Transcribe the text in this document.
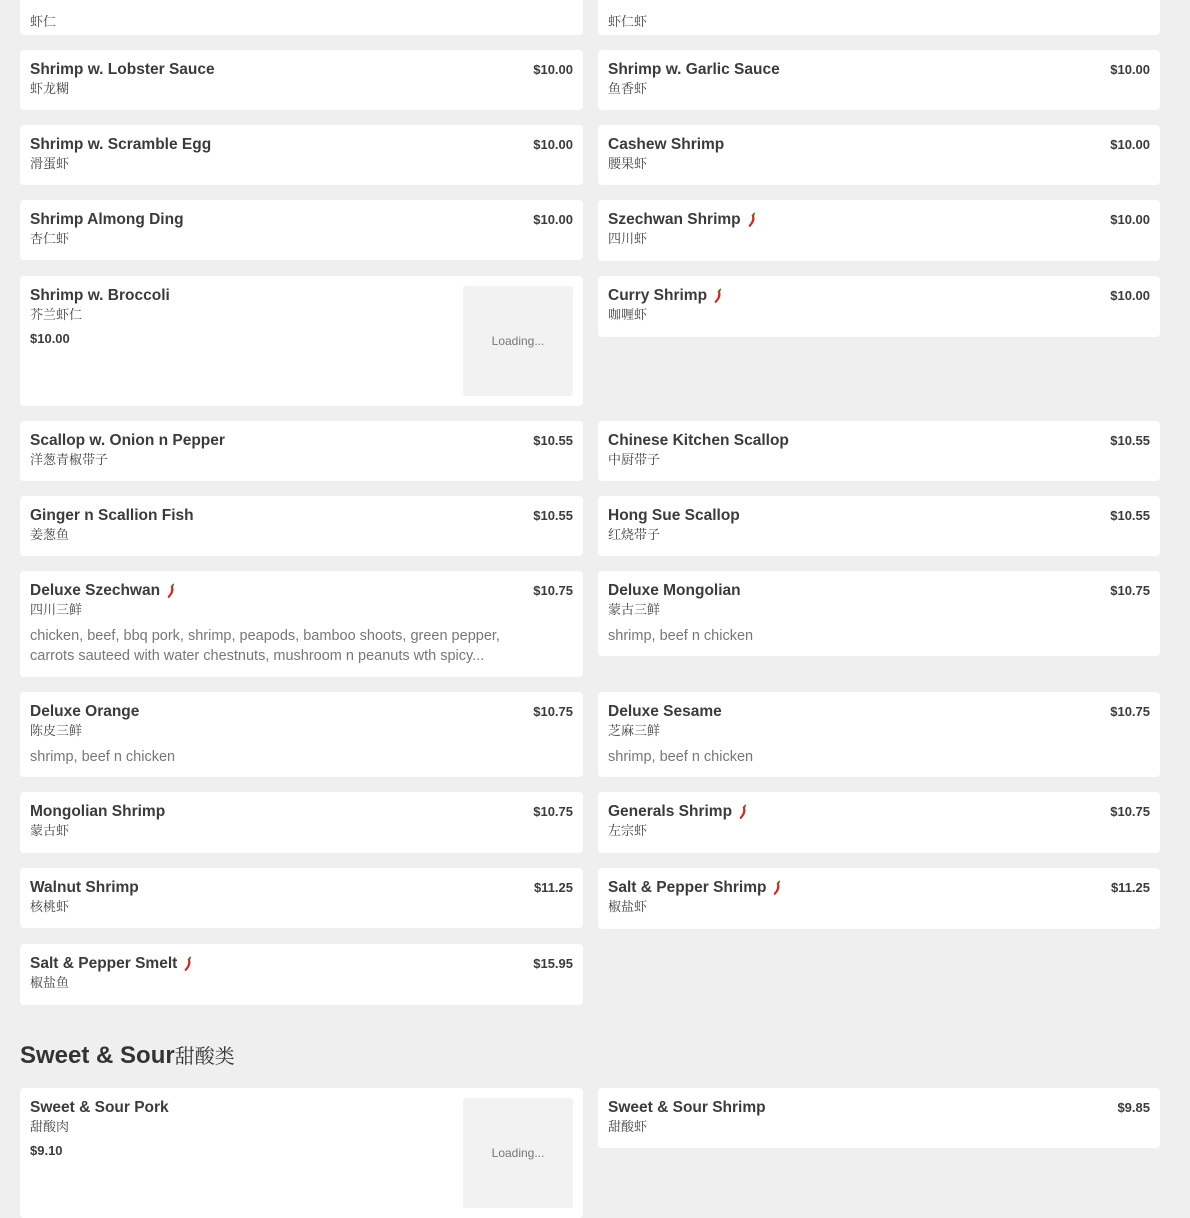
虾仁	虾仁虾
Shrimp w. Lobster Sauce
虾龙糊
$10.00 Shrimp w. Garlic Sauce
鱼香虾
$10.00
Shrimp w. Scramble Egg
滑蛋虾
$10.00 Cashew Shrimp
腰果虾
$10.00
Shrimp Almong Ding
杏仁虾
$10.00 Szechwan Shrimp
四川虾
$10.00
Shrimp w. Broccoli
芥兰虾仁
$10.00	Loading...
Curry Shrimp
咖喱虾
$10.00
Scallop w. Onion n Pepper
洋葱青椒带子
$10.55 Chinese Kitchen Scallop
中厨带子
$10.55
Ginger n Scallion Fish
姜葱鱼
$10.55 Hong Sue Scallop
红烧带子
$10.55
Deluxe Szechwan
四川三鲜
chicken, beef, bbq pork, shrimp, peapods, bamboo shoots, green pepper, carrots sauteed with water chestnuts, mushroom n peanuts wth spicy...
$10.75 Deluxe Mongolian
蒙古三鲜
shrimp, beef n chicken
$10.75
Deluxe Orange
陈皮三鲜
shrimp, beef n chicken
$10.75 Deluxe Sesame
芝麻三鲜
shrimp, beef n chicken
$10.75
Mongolian Shrimp
蒙古虾
$10.75 Generals Shrimp
左宗虾
$10.75
Walnut Shrimp
核桃虾
$11.25 Salt & Pepper Shrimp
椒盐虾
$11.25
Salt & Pepper Smelt
椒盐鱼
$15.95
Sweet & Sour甜酸类
Sweet & Sour Pork
甜酸肉
$9.10	Loading...
Sweet & Sour Shrimp
甜酸虾
$9.85
